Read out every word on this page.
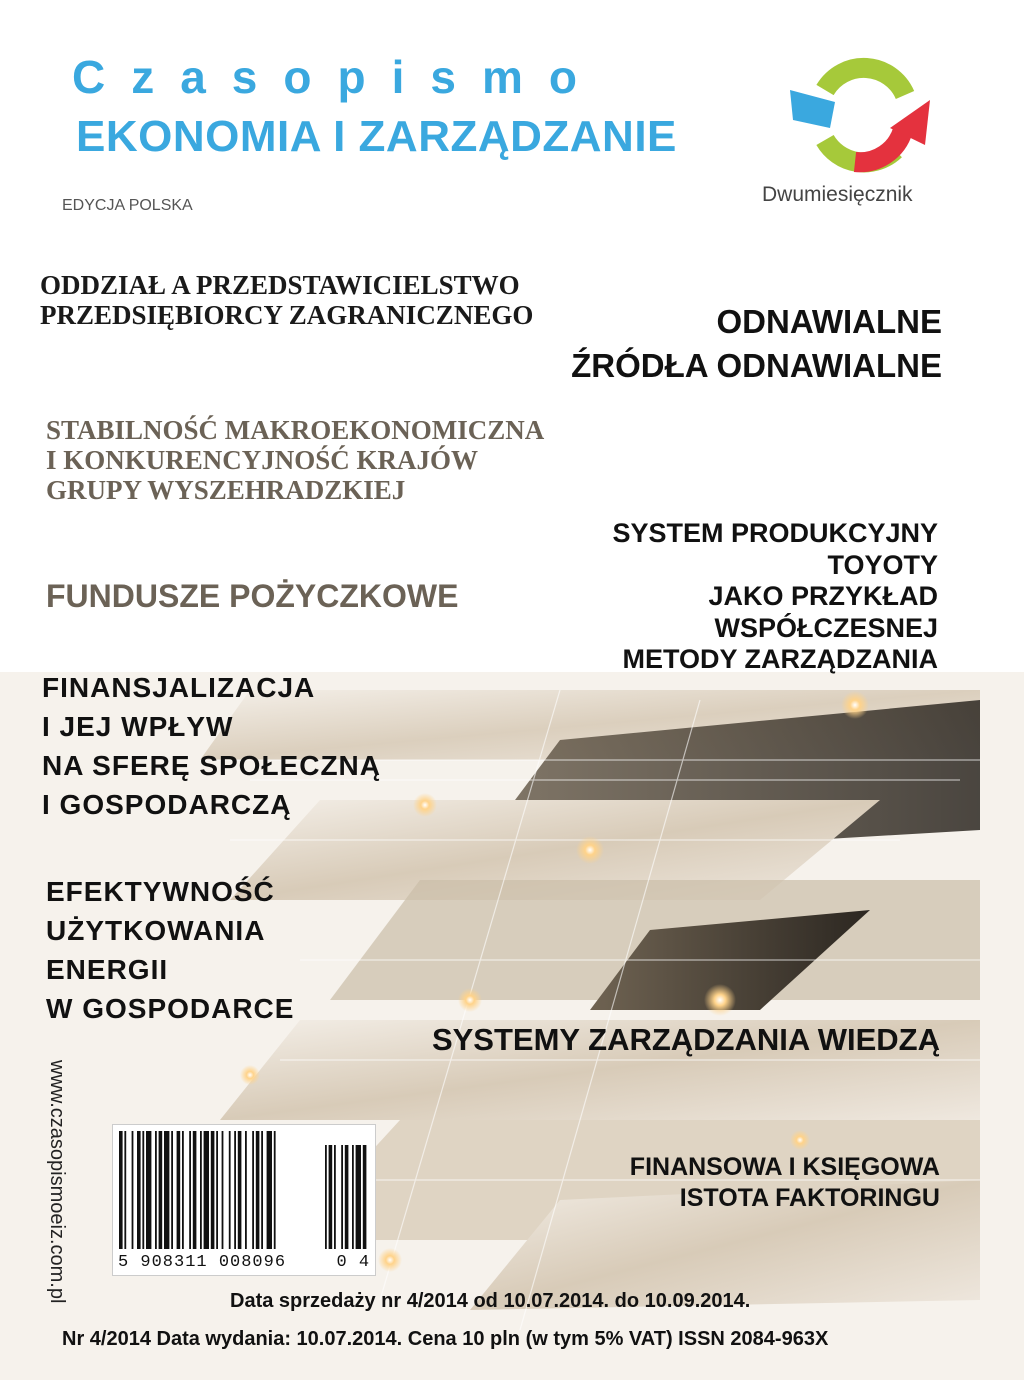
Czasopismo
EKONOMIA I ZARZĄDZANIE
EDYCJA POLSKA	Dwumiesięcznik
ODDZIAŁ A PRZEDSTAWICIELSTWO
PRZEDSIĘBIORCY ZAGRANICZNEGO	ODNAWIALNE
ŹRÓDŁA ODNAWIALNE
STABILNOŚĆ MAKROEKONOMICZNA
I KONKURENCYJNOŚĆ KRAJÓW
GRUPY WYSZEHRADZKIEJ
FUNDUSZE POŻYCZKOWE
SYSTEM PRODUKCYJNY
TOYOTY
JAKO PRZYKŁAD
WSPÓŁCZESNEJ
METODY ZARZĄDZANIA
FINANSJALIZACJA
I JEJ WPŁYW
NA SFERĘ SPOŁECZNĄ
I GOSPODARCZĄ
EFEKTYWNOŚĆ
UŻYTKOWANIA
ENERGII
W GOSPODARCE
SYSTEMY ZARZĄDZANIA WIEDZĄ
FINANSOWA I KSIĘGOWA
ISTOTA FAKTORINGU
www.czasopismoeiz.com.pl	5 908311 008096	0 4
Data sprzedaży nr 4/2014 od 10.07.2014. do 10.09.2014.
Nr 4/2014 Data wydania: 10.07.2014. Cena 10 pln (w tym 5% VAT) ISSN 2084-963X
